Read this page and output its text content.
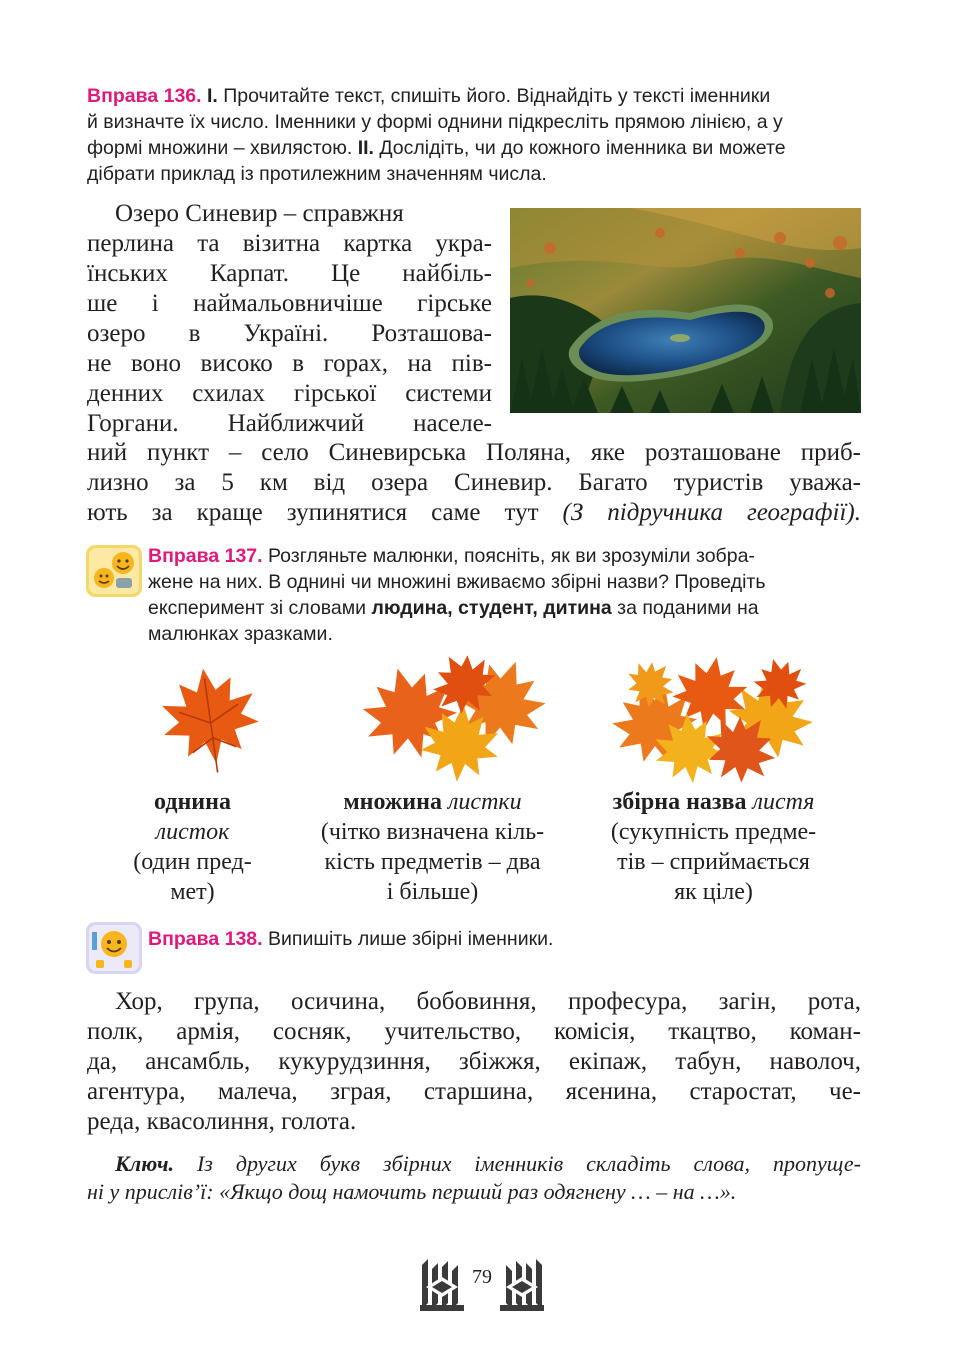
Вправа 136. І. Прочитайте текст, спишіть його. Віднайдіть у тексті іменники
й визначте їх число. Іменники у формі однини підкресліть прямою лінією, а у
формі множини – хвилястою. ІІ. Дослідіть, чи до кожного іменника ви можете
дібрати приклад із протилежним значенням числа.
Озеро Синевир – справжня
перлина та візитна картка укра-
їнських Карпат. Це найбіль-
ше і наймальовничіше гірське
озеро в Україні. Розташова-
не воно високо в горах, на пів-
денних схилах гірської системи
Горгани. Найближчий населе-
ний пункт – село Синевирська Поляна, яке розташоване приб-
лизно за 5 км від озера Синевир. Багато туристів уважа-
ють за краще зупинятися саме тут (З підручника географії).
Вправа 137. Розгляньте малюнки, поясніть, як ви зрозуміли зобра-
жене на них. В однині чи множині вживаємо збірні назви? Проведіть
експеримент зі словами людина, студент, дитина за поданими на
малюнках зразками.
однина
листок
(один пред-
мет)
множина листки
(чітко визначена кіль-
кість предметів – два
і більше)
збірна назва листя
(сукупність предме-
тів – сприймається
як ціле)
Вправа 138. Випишіть лише збірні іменники.
Хор, група, осичина, бобовиння, професура, загін, рота,
полк, армія, сосняк, учительство, комісія, ткацтво, коман-
да, ансамбль, кукурудзиння, збіжжя, екіпаж, табун, наволоч,
агентура, малеча, зграя, старшина, ясенина, старостат, че-
реда, квасолиння, голота.
Ключ. Із других букв збірних іменників складіть слова, пропуще-
ні у прислів’ї: «Якщо дощ намочить перший раз одягнену … – на …».
79
